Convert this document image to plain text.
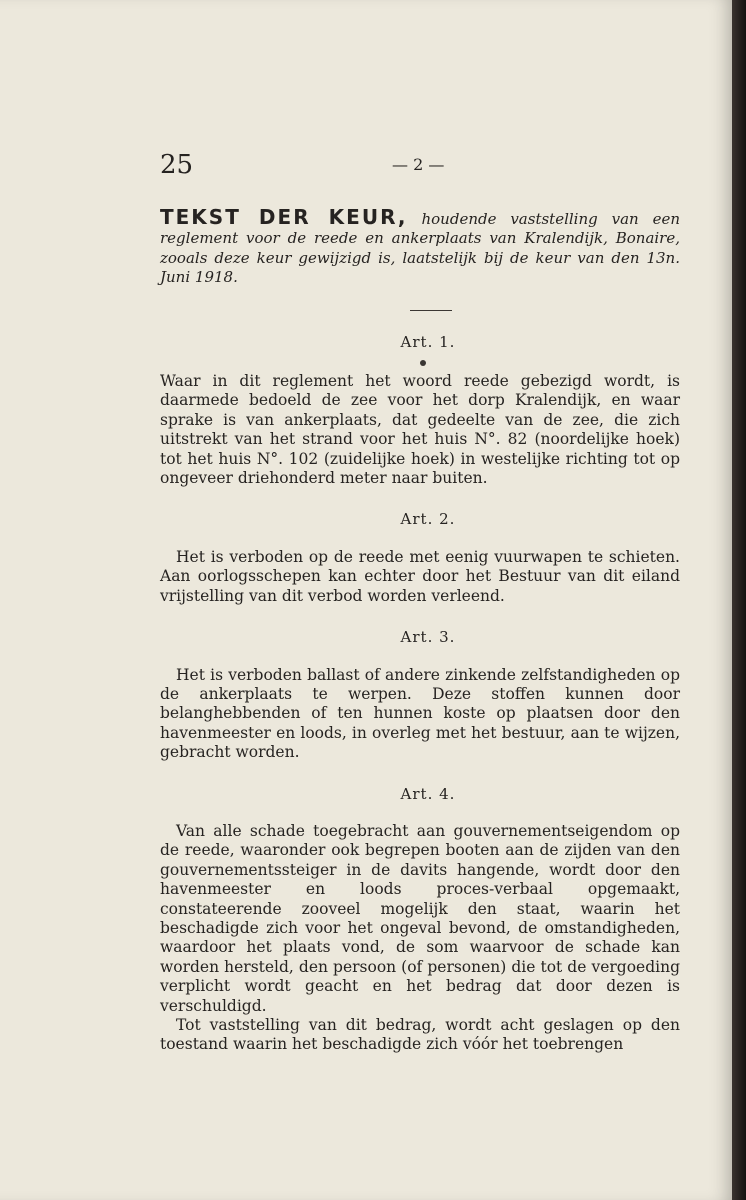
25	— 2 —
TEKST DER KEUR, houdende vaststelling van een reglement voor de reede en ankerplaats van Kralendijk, Bonaire, zooals deze keur gewijzigd is, laatstelijk bij de keur van den 13n. Juni 1918.
Art. 1.

Waar in dit reglement het woord reede gebezigd wordt, is daarmede bedoeld de zee voor het dorp Kralendijk, en waar sprake is van ankerplaats, dat gedeelte van de zee, die zich uitstrekt van het strand voor het huis N°. 82 (noordelijke hoek) tot het huis N°. 102 (zuidelijke hoek) in westelijke richting tot op ongeveer driehonderd meter naar buiten.

Art. 2.

Het is verboden op de reede met eenig vuurwapen te schieten. Aan oorlogsschepen kan echter door het Bestuur van dit eiland vrijstelling van dit verbod worden verleend.

Art. 3.

Het is verboden ballast of andere zinkende zelfstandigheden op de ankerplaats te werpen. Deze stoffen kunnen door belanghebbenden of ten hunnen koste op plaatsen door den havenmeester en loods, in overleg met het bestuur, aan te wijzen, gebracht worden.

Art. 4.

Van alle schade toegebracht aan gouvernementseigendom op de reede, waaronder ook begrepen booten aan de zijden van den gouvernementssteiger in de davits hangende, wordt door den havenmeester en loods proces-verbaal opgemaakt, constateerende zooveel mogelijk den staat, waarin het beschadigde zich voor het ongeval bevond, de omstandigheden, waardoor het plaats vond, de som waarvoor de schade kan worden hersteld, den persoon (of personen) die tot de vergoeding verplicht wordt geacht en het bedrag dat door dezen is verschuldigd.

Tot vaststelling van dit bedrag, wordt acht geslagen op den toestand waarin het beschadigde zich vóór het toebrengen
